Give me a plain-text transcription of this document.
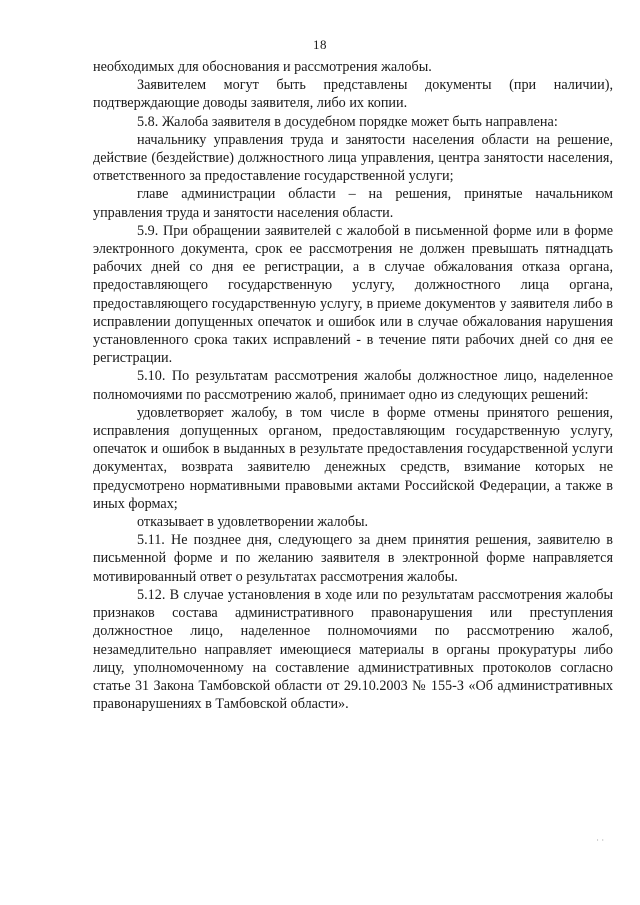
18

необходимых для обоснования и рассмотрения жалобы.

Заявителем могут быть представлены документы (при наличии), подтверждающие доводы заявителя, либо их копии.

5.8. Жалоба заявителя в досудебном порядке может быть направлена:

начальнику управления труда и занятости населения области на решение, действие (бездействие) должностного лица управления, центра занятости населения, ответственного за предоставление государственной услуги;

главе администрации области – на решения, принятые начальником управления труда и занятости населения области.

5.9. При обращении заявителей с жалобой в письменной форме или в форме электронного документа, срок ее рассмотрения не должен превышать пятнадцать рабочих дней со дня ее регистрации, а в случае обжалования отказа органа, предоставляющего государственную услугу, должностного лица органа, предоставляющего государственную услугу, в приеме документов у заявителя либо в исправлении допущенных опечаток и ошибок или в случае обжалования нарушения установленного срока таких исправлений - в течение пяти рабочих дней со дня ее регистрации.

5.10. По результатам рассмотрения жалобы должностное лицо, наделенное полномочиями по рассмотрению жалоб, принимает одно из следующих решений:

удовлетворяет жалобу, в том числе в форме отмены принятого решения, исправления допущенных органом, предоставляющим государственную услугу, опечаток и ошибок в выданных в результате предоставления государственной услуги документах, возврата заявителю денежных средств, взимание которых не предусмотрено нормативными правовыми актами Российской Федерации, а также в иных формах;

отказывает в удовлетворении жалобы.

5.11. Не позднее дня, следующего за днем принятия решения, заявителю в письменной форме и по желанию заявителя в электронной форме направляется мотивированный ответ о результатах рассмотрения жалобы.

5.12. В случае установления в ходе или по результатам рассмотрения жалобы признаков состава административного правонарушения или преступления должностное лицо, наделенное полномочиями по рассмотрению жалоб, незамедлительно направляет имеющиеся материалы в органы прокуратуры либо лицу, уполномоченному на составление административных протоколов согласно статье 31 Закона Тамбовской области от 29.10.2003 № 155-З «Об административных правонарушениях в Тамбовской области».

· ·
